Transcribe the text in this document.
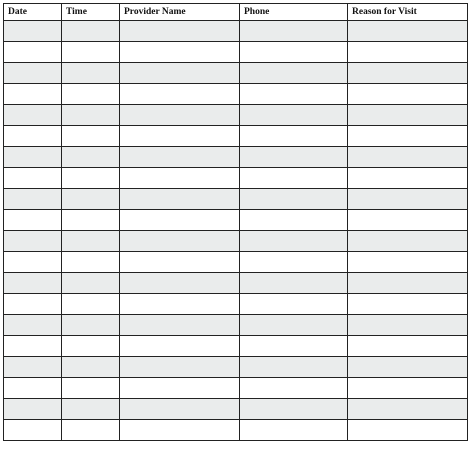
Date	Time	Provider Name	Phone	Reason for Visit
